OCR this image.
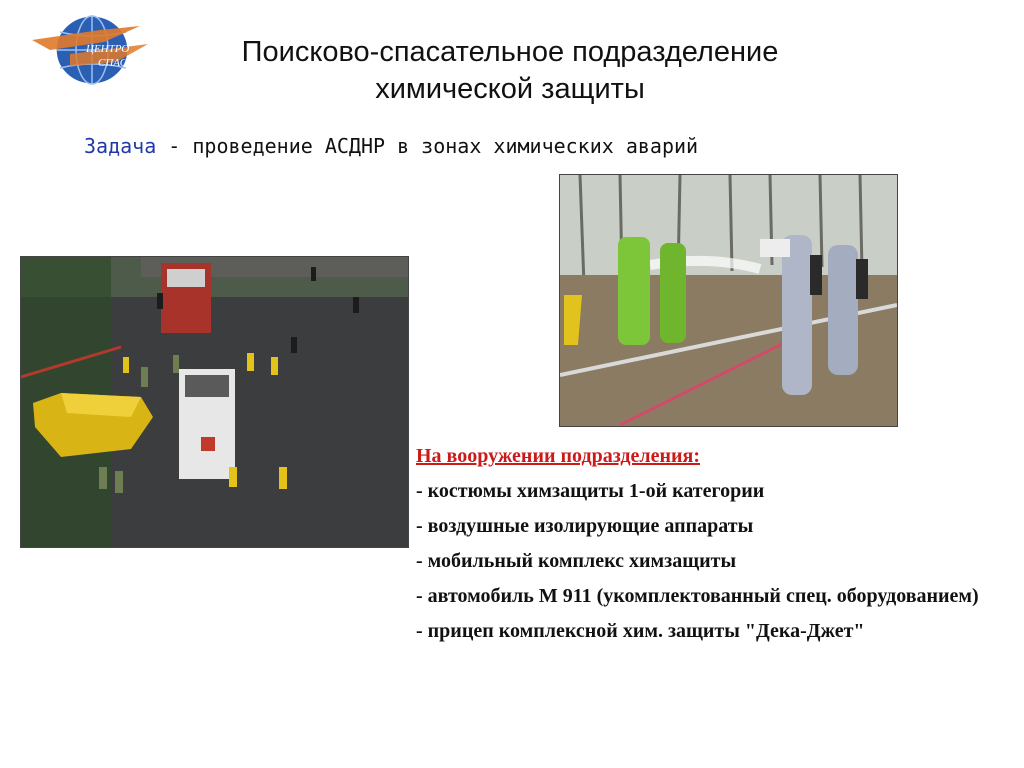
ЦЕНТРО
СПАС	Поисково-спасательное подразделение
химической защиты
Задача - проведение АСДНР в зонах химических аварий
На вооружении подразделения:
- костюмы химзащиты 1-ой категории
- воздушные изолирующие аппараты
- мобильный комплекс химзащиты
- автомобиль М 911 (укомплектованный спец. оборудованием)
- прицеп комплексной хим. защиты "Дека-Джет"
